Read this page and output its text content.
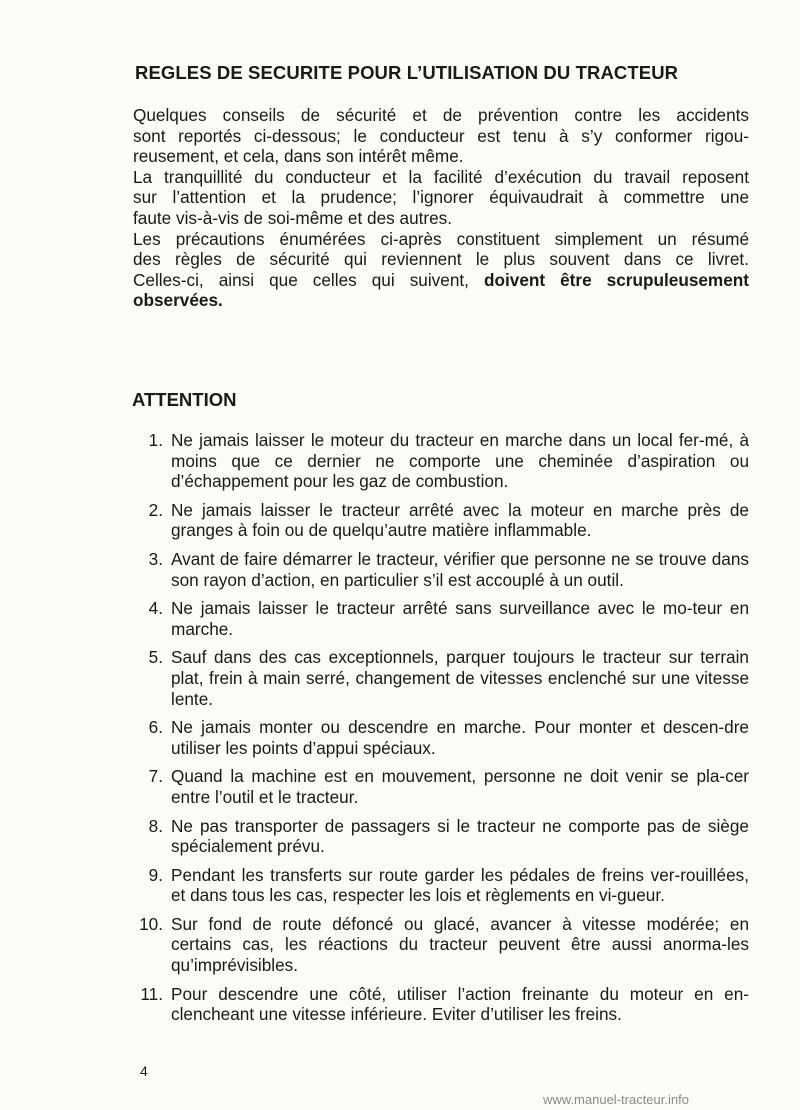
REGLES DE SECURITE POUR L’UTILISATION DU TRACTEUR
Quelques conseils de sécurité et de prévention contre les accidents
sont reportés ci-dessous; le conducteur est tenu à s’y conformer rigou-
reusement, et cela, dans son intérêt même.
La tranquillité du conducteur et la facilité d’exécution du travail reposent
sur l’attention et la prudence; l’ignorer équivaudrait à commettre une
faute vis-à-vis de soi-même et des autres.
Les précautions énumérées ci-après constituent simplement un résumé
des règles de sécurité qui reviennent le plus souvent dans ce livret.
Celles-ci, ainsi que celles qui suivent, doivent être scrupuleusement
observées.
ATTENTION
1. Ne jamais laisser le moteur du tracteur en marche dans un local fer-mé, à moins que ce dernier ne comporte une cheminée d’aspiration ou d’échappement pour les gaz de combustion.
2. Ne jamais laisser le tracteur arrêté avec la moteur en marche près de granges à foin ou de quelqu’autre matière inflammable.
3. Avant de faire démarrer le tracteur, vérifier que personne ne se trouve dans son rayon d’action, en particulier s’il est accouplé à un outil.
4. Ne jamais laisser le tracteur arrêté sans surveillance avec le mo-teur en marche.
5. Sauf dans des cas exceptionnels, parquer toujours le tracteur sur terrain plat, frein à main serré, changement de vitesses enclenché sur une vitesse lente.
6. Ne jamais monter ou descendre en marche. Pour monter et descen-dre utiliser les points d’appui spéciaux.
7. Quand la machine est en mouvement, personne ne doit venir se pla-cer entre l’outil et le tracteur.
8. Ne pas transporter de passagers si le tracteur ne comporte pas de siège spécialement prévu.
9. Pendant les transferts sur route garder les pédales de freins ver-rouillées, et dans tous les cas, respecter les lois et règlements en vi-gueur.
10. Sur fond de route défoncé ou glacé, avancer à vitesse modérée; en certains cas, les réactions du tracteur peuvent être aussi anorma-les qu’imprévisibles.
11. Pour descendre une côté, utiliser l’action freinante du moteur en en-clencheant une vitesse inférieure. Eviter d’utiliser les freins.
4
www.manuel-tracteur.info
